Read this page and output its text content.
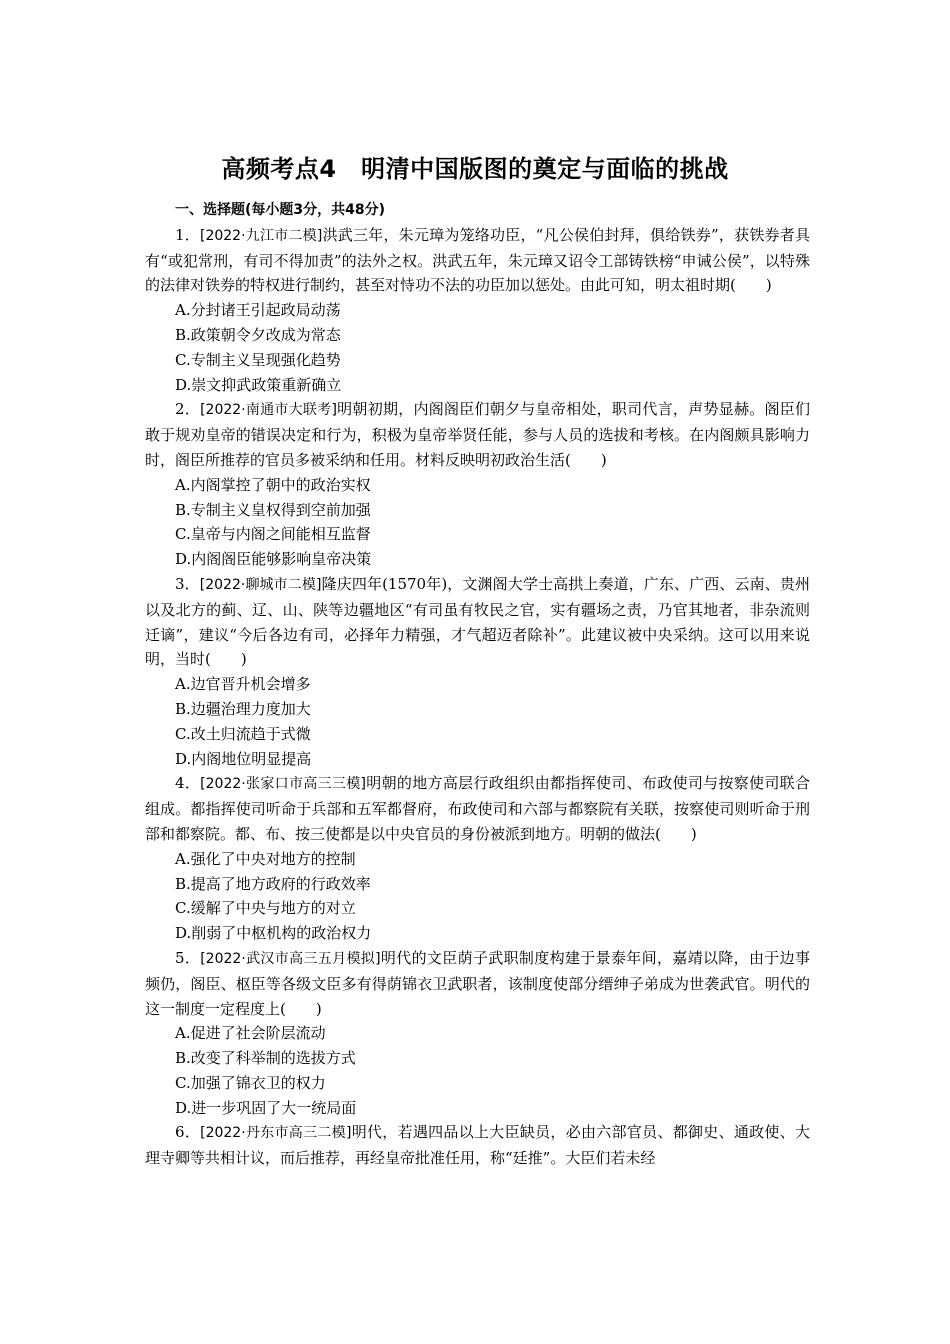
高频考点4　明清中国版图的奠定与面临的挑战
一、选择题(每小题3分，共48分)

1．[2022·九江市二模]洪武三年，朱元璋为笼络功臣，“凡公侯伯封拜，俱给铁券”，获铁券者具有“或犯常刑，有司不得加责”的法外之权。洪武五年，朱元璋又诏令工部铸铁榜“申诫公侯”，以特殊的法律对铁券的特权进行制约，甚至对恃功不法的功臣加以惩处。由此可知，明太祖时期(　　)

A.分封诸王引起政局动荡

B.政策朝令夕改成为常态

C.专制主义呈现强化趋势

D.崇文抑武政策重新确立

2．[2022·南通市大联考]明朝初期，内阁阁臣们朝夕与皇帝相处，职司代言，声势显赫。阁臣们敢于规劝皇帝的错误决定和行为，积极为皇帝举贤任能，参与人员的选拔和考核。在内阁颇具影响力时，阁臣所推荐的官员多被采纳和任用。材料反映明初政治生活(　　)

A.内阁掌控了朝中的政治实权

B.专制主义皇权得到空前加强

C.皇帝与内阁之间能相互监督

D.内阁阁臣能够影响皇帝决策

3．[2022·聊城市二模]隆庆四年(1570年)，文渊阁大学士高拱上奏道，广东、广西、云南、贵州以及北方的蓟、辽、山、陕等边疆地区“有司虽有牧民之官，实有疆场之责，乃官其地者，非杂流则迁谪”，建议“今后各边有司，必择年力精强，才气超迈者除补”。此建议被中央采纳。这可以用来说明，当时(　　)

A.边官晋升机会增多

B.边疆治理力度加大

C.改土归流趋于式微

D.内阁地位明显提高

4．[2022·张家口市高三三模]明朝的地方高层行政组织由都指挥使司、布政使司与按察使司联合组成。都指挥使司听命于兵部和五军都督府，布政使司和六部与都察院有关联，按察使司则听命于刑部和都察院。都、布、按三使都是以中央官员的身份被派到地方。明朝的做法(　　)

A.强化了中央对地方的控制

B.提高了地方政府的行政效率

C.缓解了中央与地方的对立

D.削弱了中枢机构的政治权力

5．[2022·武汉市高三五月模拟]明代的文臣荫子武职制度构建于景泰年间，嘉靖以降，由于边事频仍，阁臣、枢臣等各级文臣多有得荫锦衣卫武职者，该制度使部分缙绅子弟成为世袭武官。明代的这一制度一定程度上(　　)

A.促进了社会阶层流动

B.改变了科举制的选拔方式

C.加强了锦衣卫的权力

D.进一步巩固了大一统局面

6．[2022·丹东市高三二模]明代，若遇四品以上大臣缺员，必由六部官员、都御史、通政使、大理寺卿等共相计议，而后推荐，再经皇帝批准任用，称“廷推”。大臣们若未经
